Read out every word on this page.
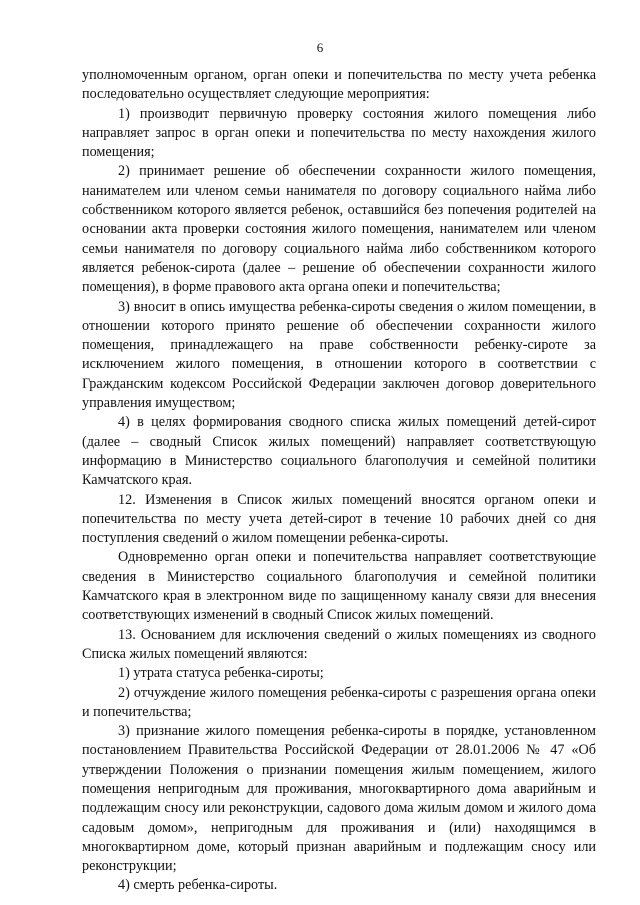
6

уполномоченным органом, орган опеки и попечительства по месту учета ребенка последовательно осуществляет следующие мероприятия:

1) производит первичную проверку состояния жилого помещения либо направляет запрос в орган опеки и попечительства по месту нахождения жилого помещения;

2) принимает решение об обеспечении сохранности жилого помещения, нанимателем или членом семьи нанимателя по договору социального найма либо собственником которого является ребенок, оставшийся без попечения родителей на основании акта проверки состояния жилого помещения, нанимателем или членом семьи нанимателя по договору социального найма либо собственником которого является ребенок-сирота (далее – решение об обеспечении сохранности жилого помещения), в форме правового акта органа опеки и попечительства;

3) вносит в опись имущества ребенка-сироты сведения о жилом помещении, в отношении которого принято решение об обеспечении сохранности жилого помещения, принадлежащего на праве собственности ребенку-сироте за исключением жилого помещения, в отношении которого в соответствии с Гражданским кодексом Российской Федерации заключен договор доверительного управления имуществом;

4) в целях формирования сводного списка жилых помещений детей-сирот (далее – сводный Список жилых помещений) направляет соответствующую информацию в Министерство социального благополучия и семейной политики Камчатского края.

12. Изменения в Список жилых помещений вносятся органом опеки и попечительства по месту учета детей-сирот в течение 10 рабочих дней со дня поступления сведений о жилом помещении ребенка-сироты.

Одновременно орган опеки и попечительства направляет соответствующие сведения в Министерство социального благополучия и семейной политики Камчатского края в электронном виде по защищенному каналу связи для внесения соответствующих изменений в сводный Список жилых помещений.

13. Основанием для исключения сведений о жилых помещениях из сводного Списка жилых помещений являются:

1) утрата статуса ребенка-сироты;

2) отчуждение жилого помещения ребенка-сироты с разрешения органа опеки и попечительства;

3) признание жилого помещения ребенка-сироты в порядке, установленном постановлением Правительства Российской Федерации от 28.01.2006 № 47 «Об утверждении Положения о признании помещения жилым помещением, жилого помещения непригодным для проживания, многоквартирного дома аварийным и подлежащим сносу или реконструкции, садового дома жилым домом и жилого дома садовым домом», непригодным для проживания и (или) находящимся в многоквартирном доме, который признан аварийным и подлежащим сносу или реконструкции;

4) смерть ребенка-сироты.
